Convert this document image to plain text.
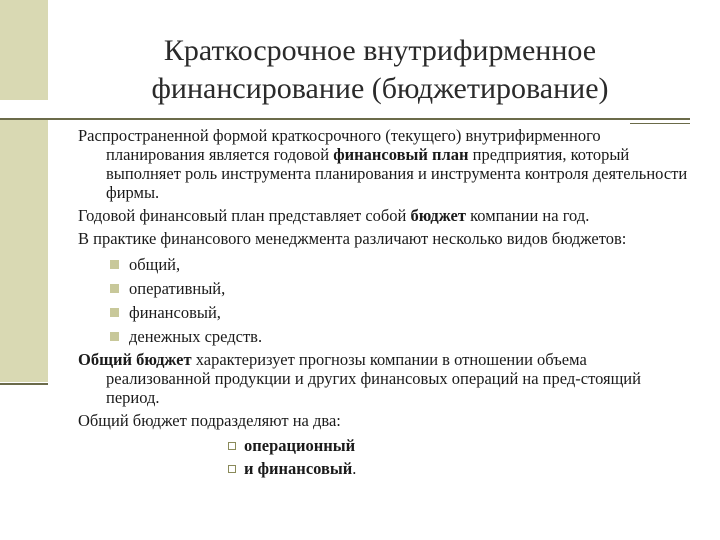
Краткосрочное внутрифирменное
финансирование (бюджетирование)

Распространенной формой краткосрочного (текущего) внутрифирменного планирования является годовой финансовый план предприятия, который выполняет роль инструмента планирования и инструмента контроля деятельности фирмы.

Годовой финансовый план представляет собой бюджет компании на год.

В практике финансового менеджмента различают несколько видов бюджетов:

общий,
оперативный,
финансовый,
денежных средств.

Общий бюджет характеризует прогнозы компании в отношении объема реализованной продукции и других финансовых операций на пред-стоящий период.

Общий бюджет подразделяют на два:

операционный
и финансовый .
